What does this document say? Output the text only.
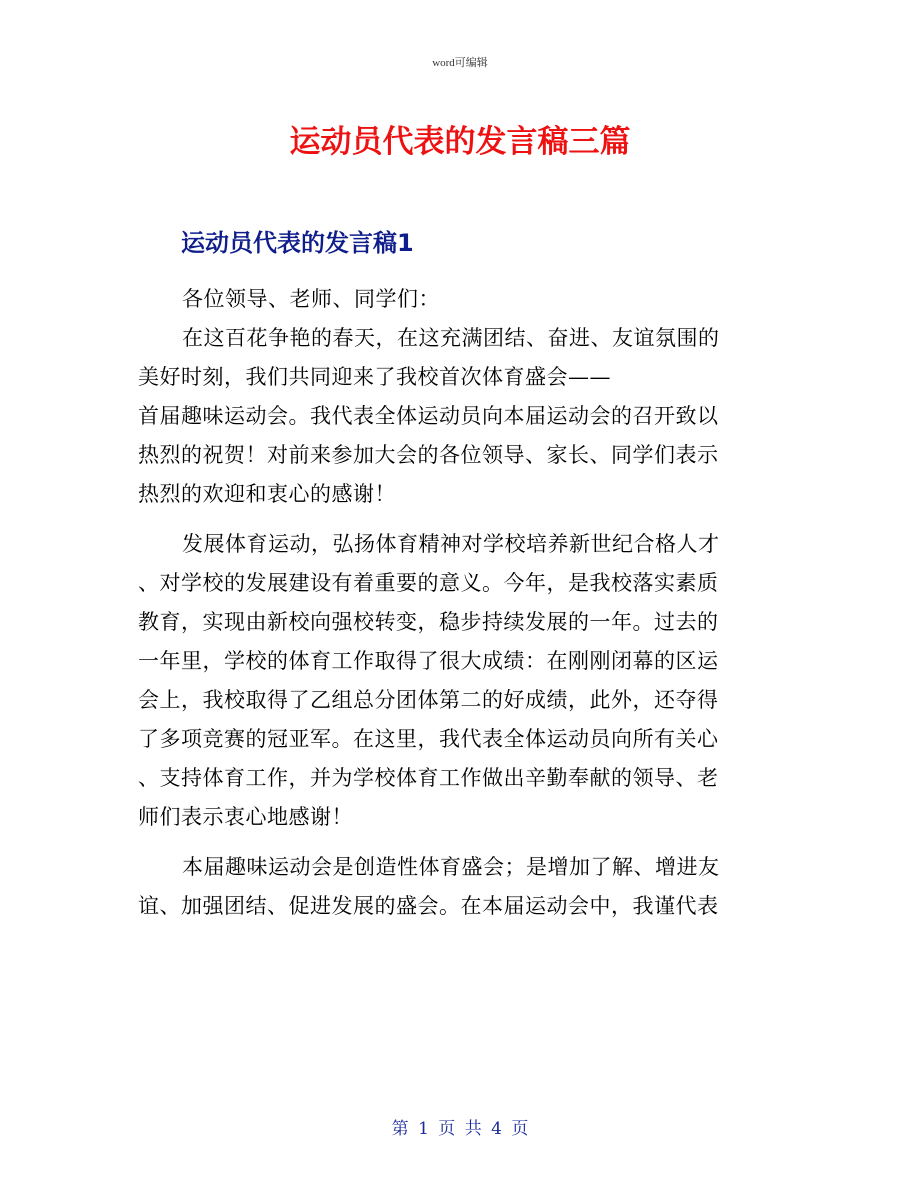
word可编辑
运动员代表的发言稿三篇
运动员代表的发言稿1
各位领导、老师、同学们：
在这百花争艳的春天，在这充满团结、奋进、友谊氛围的
美好时刻，我们共同迎来了我校首次体育盛会——
首届趣味运动会。我代表全体运动员向本届运动会的召开致以
热烈的祝贺！对前来参加大会的各位领导、家长、同学们表示
热烈的欢迎和衷心的感谢！
发展体育运动，弘扬体育精神对学校培养新世纪合格人才
、对学校的发展建设有着重要的意义。今年，是我校落实素质
教育，实现由新校向强校转变，稳步持续发展的一年。过去的
一年里，学校的体育工作取得了很大成绩：在刚刚闭幕的区运
会上，我校取得了乙组总分团体第二的好成绩，此外，还夺得
了多项竞赛的冠亚军。在这里，我代表全体运动员向所有关心
、支持体育工作，并为学校体育工作做出辛勤奉献的领导、老
师们表示衷心地感谢！
本届趣味运动会是创造性体育盛会；是增加了解、增进友
谊、加强团结、促进发展的盛会。在本届运动会中，我谨代表
第 1 页 共 4 页
